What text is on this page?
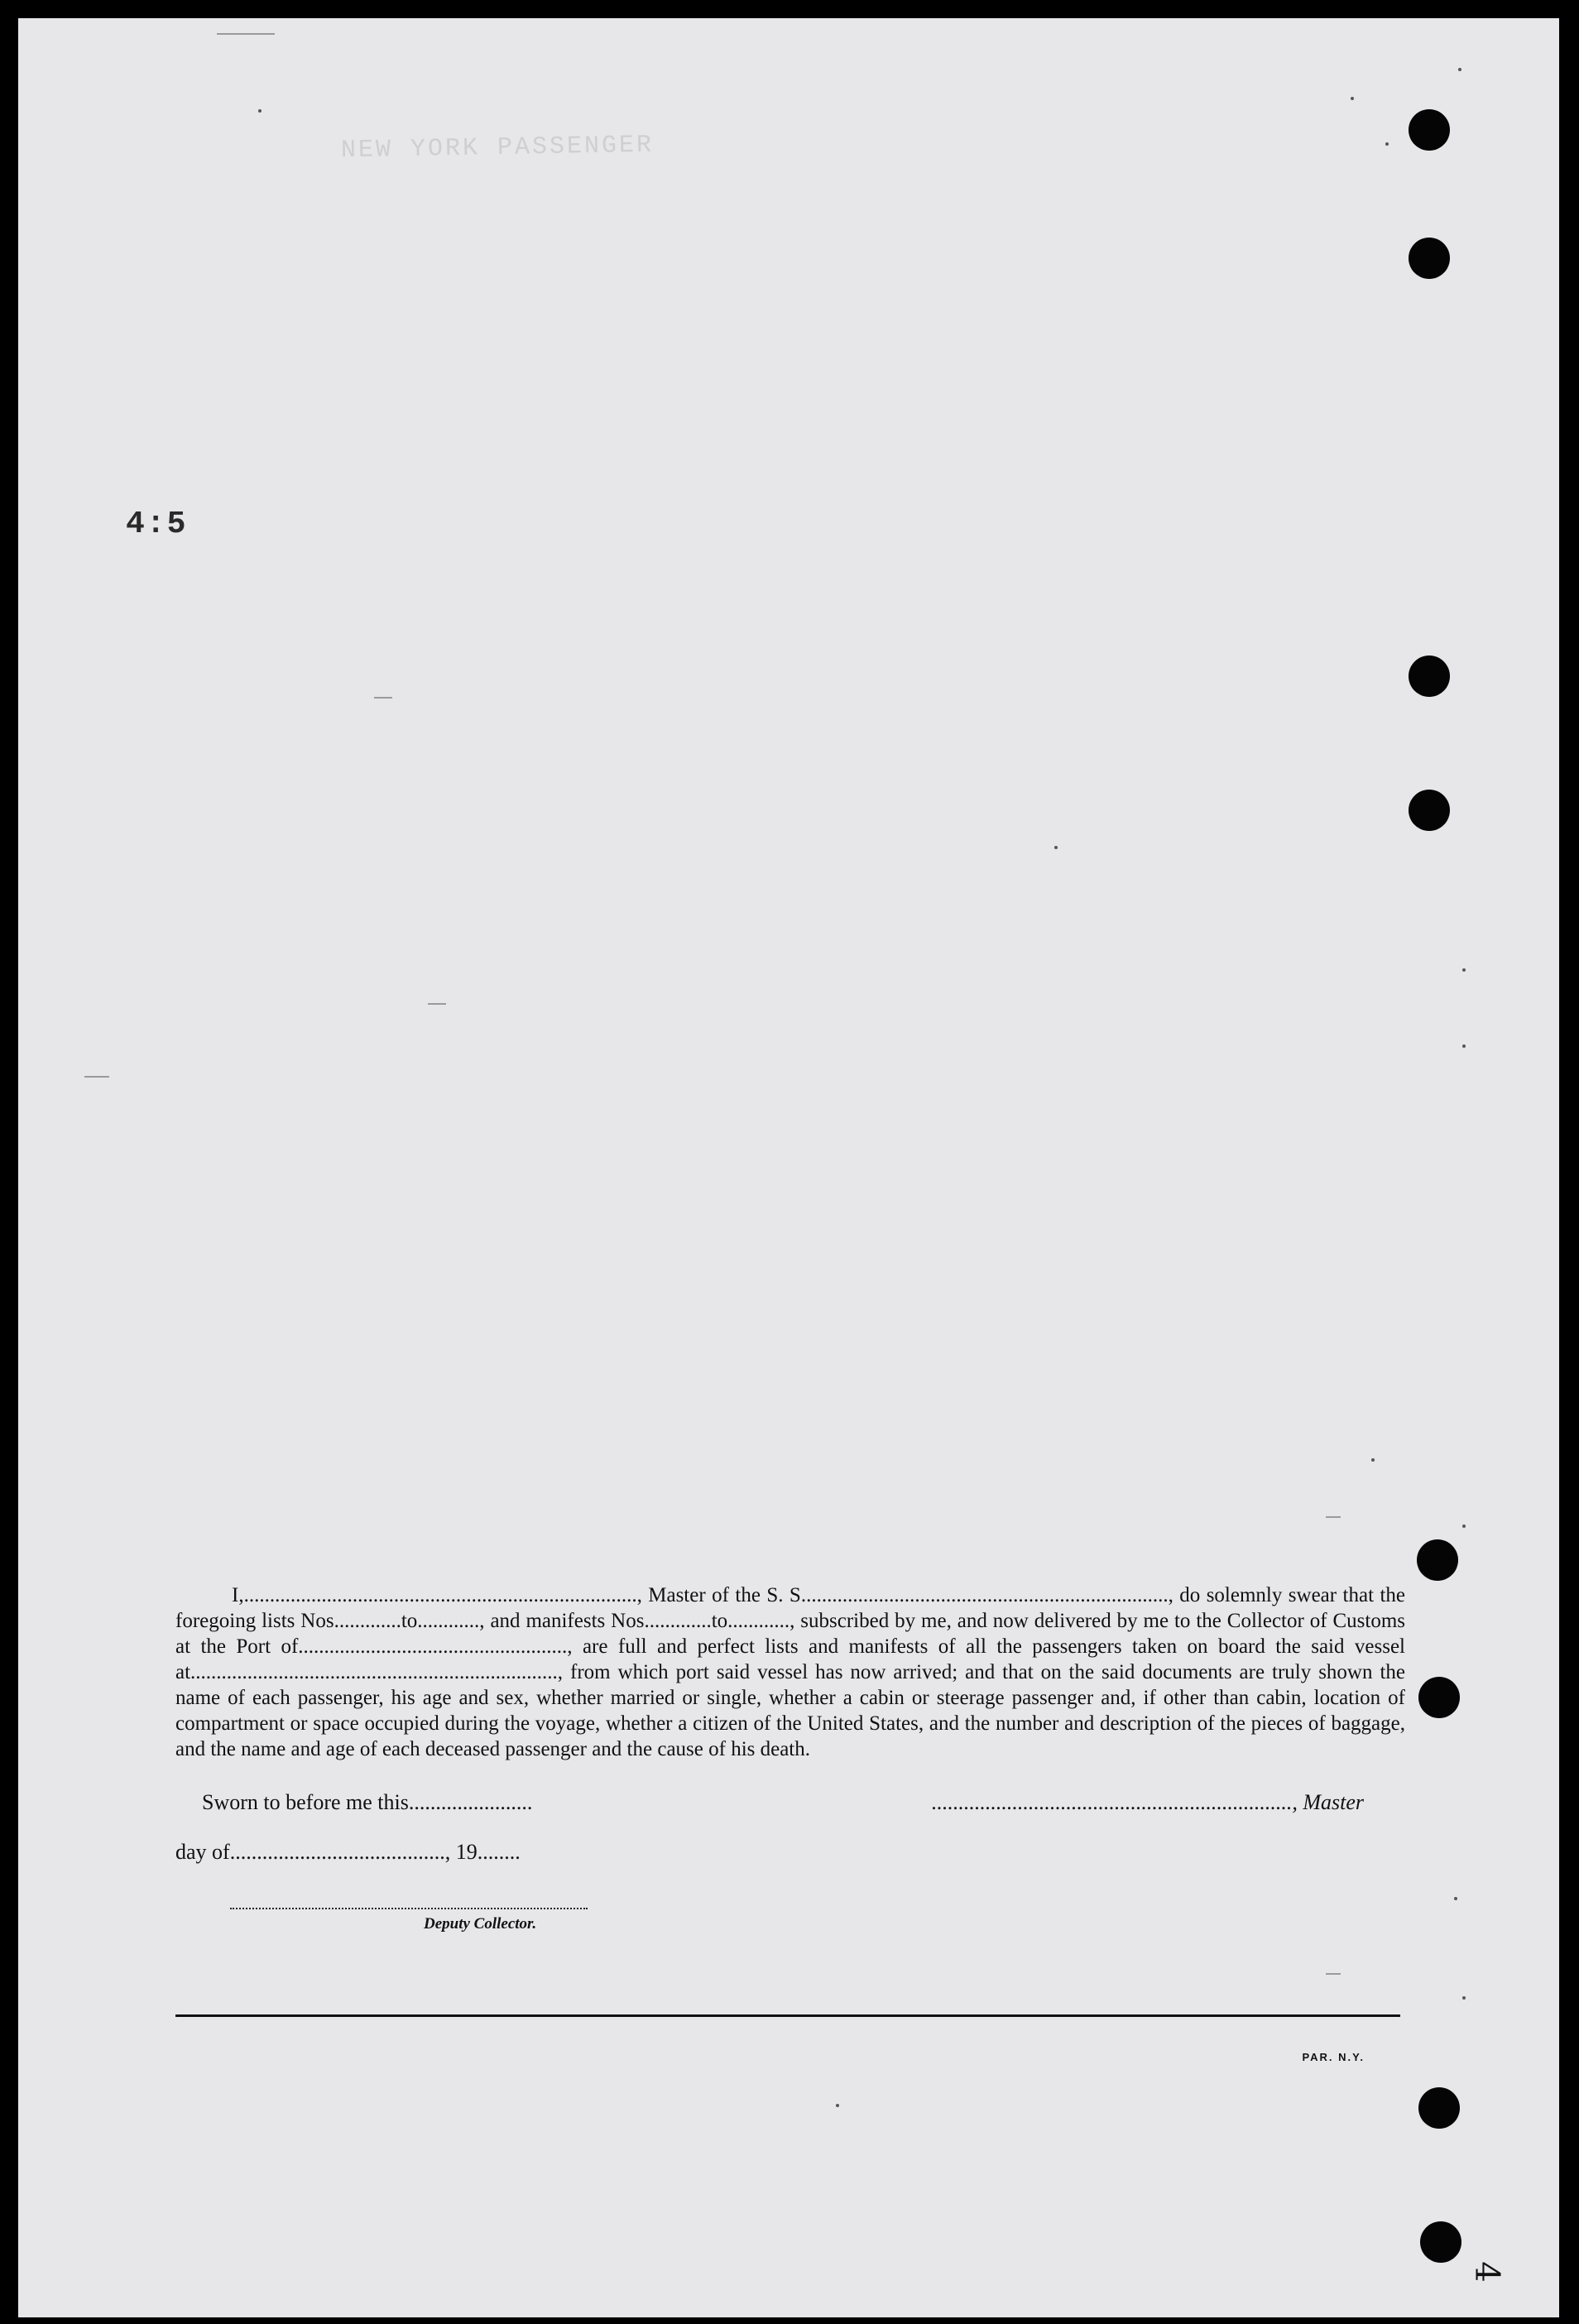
NEW YORK PASSENGER
4:5

I,............................................................................, Master of the S. S......................................................................., do solemnly swear that the foregoing lists Nos.............to............, and manifests Nos.............to............, subscribed by me, and now delivered by me to the Collector of Customs at the Port of...................................................., are full and perfect lists and manifests of all the passengers taken on board the said vessel at......................................................................., from which port said vessel has now arrived; and that on the said documents are truly shown the name of each passenger, his age and sex, whether married or single, whether a cabin or steerage passenger and, if other than cabin, location of compartment or space occupied during the voyage, whether a citizen of the United States, and the number and description of the pieces of baggage, and the name and age of each deceased passenger and the cause of his death.

Sworn to before me this.......................	..................................................................., Master
day of........................................, 19........
Deputy Collector.
PAR. N.Y.
4
